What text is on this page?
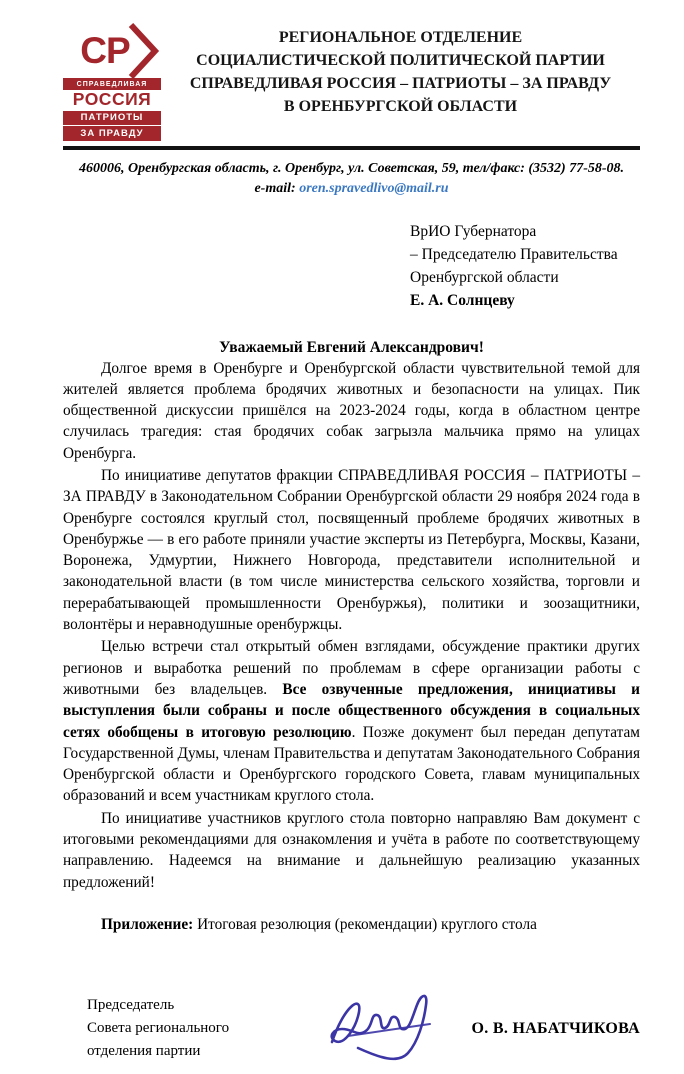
СР
СПРАВЕДЛИВАЯ
РОССИЯ
ПАТРИОТЫ
ЗА ПРАВДУ
РЕГИОНАЛЬНОЕ ОТДЕЛЕНИЕ
СОЦИАЛИСТИЧЕСКОЙ ПОЛИТИЧЕСКОЙ ПАРТИИ
СПРАВЕДЛИВАЯ РОССИЯ – ПАТРИОТЫ – ЗА ПРАВДУ
В ОРЕНБУРГСКОЙ ОБЛАСТИ
460006, Оренбургская область, г. Оренбург, ул. Советская, 59, тел/факс: (3532) 77-58-08.
e-mail: oren.spravedlivo@mail.ru
ВрИО Губернатора
– Председателю Правительства
Оренбургской области
Е. А. Солнцеву
Уважаемый Евгений Александрович!

Долгое время в Оренбурге и Оренбургской области чувствительной темой для жителей является проблема бродячих животных и безопасности на улицах. Пик общественной дискуссии пришёлся на 2023-2024 годы, когда в областном центре случилась трагедия: стая бродячих собак загрызла мальчика прямо на улицах Оренбурга.

По инициативе депутатов фракции СПРАВЕДЛИВАЯ РОССИЯ – ПАТРИОТЫ – ЗА ПРАВДУ в Законодательном Собрании Оренбургской области 29 ноября 2024 года в Оренбурге состоялся круглый стол, посвященный проблеме бродячих животных в Оренбуржье — в его работе приняли участие эксперты из Петербурга, Москвы, Казани, Воронежа, Удмуртии, Нижнего Новгорода, представители исполнительной и законодательной власти (в том числе министерства сельского хозяйства, торговли и перерабатывающей промышленности Оренбуржья), политики и зоозащитники, волонтёры и неравнодушные оренбуржцы.

Целью встречи стал открытый обмен взглядами, обсуждение практики других регионов и выработка решений по проблемам в сфере организации работы с животными без владельцев. Все озвученные предложения, инициативы и выступления были собраны и после общественного обсуждения в социальных сетях обобщены в итоговую резолюцию. Позже документ был передан депутатам Государственной Думы, членам Правительства и депутатам Законодательного Собрания Оренбургской области и Оренбургского городского Совета, главам муниципальных образований и всем участникам круглого стола.

По инициативе участников круглого стола повторно направляю Вам документ с итоговыми рекомендациями для ознакомления и учёта в работе по соответствующему направлению. Надеемся на внимание и дальнейшую реализацию указанных предложений!

Приложение: Итоговая резолюция (рекомендации) круглого стола

Председатель
Совета регионального
отделения партии
О. В. НАБАТЧИКОВА
